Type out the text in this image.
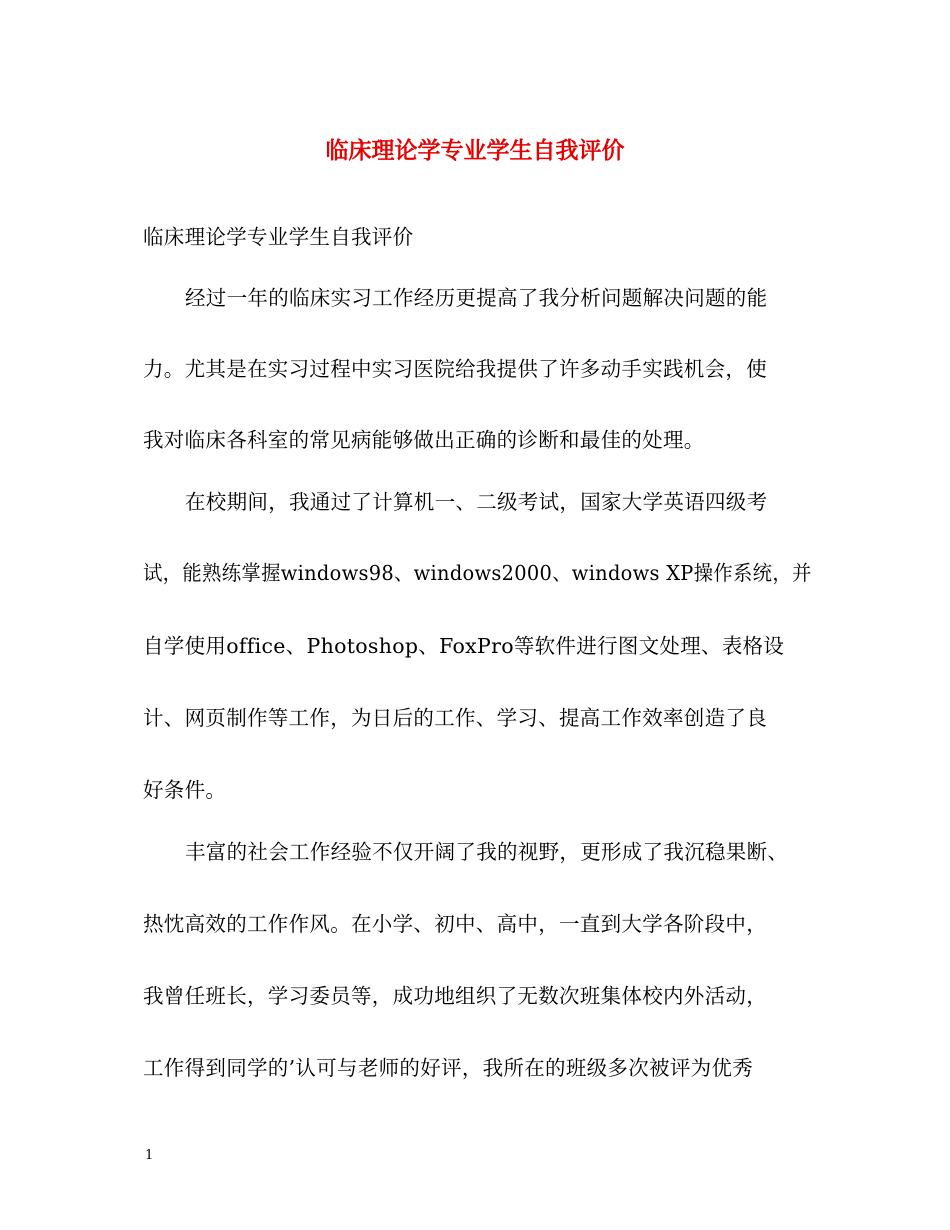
临床理论学专业学生自我评价
临床理论学专业学生自我评价
经过一年的临床实习工作经历更提高了我分析问题解决问题的能
力。尤其是在实习过程中实习医院给我提供了许多动手实践机会，使
我对临床各科室的常见病能够做出正确的诊断和最佳的处理。
在校期间，我通过了计算机一、二级考试，国家大学英语四级考
试，能熟练掌握windows98、windows2000、windows XP操作系统，并
自学使用office、Photoshop、FoxPro等软件进行图文处理、表格设
计、网页制作等工作，为日后的工作、学习、提高工作效率创造了良
好条件。
丰富的社会工作经验不仅开阔了我的视野，更形成了我沉稳果断、
热忱高效的工作作风。在小学、初中、高中，一直到大学各阶段中，
我曾任班长，学习委员等，成功地组织了无数次班集体校内外活动，
工作得到同学的’认可与老师的好评，我所在的班级多次被评为优秀
1
